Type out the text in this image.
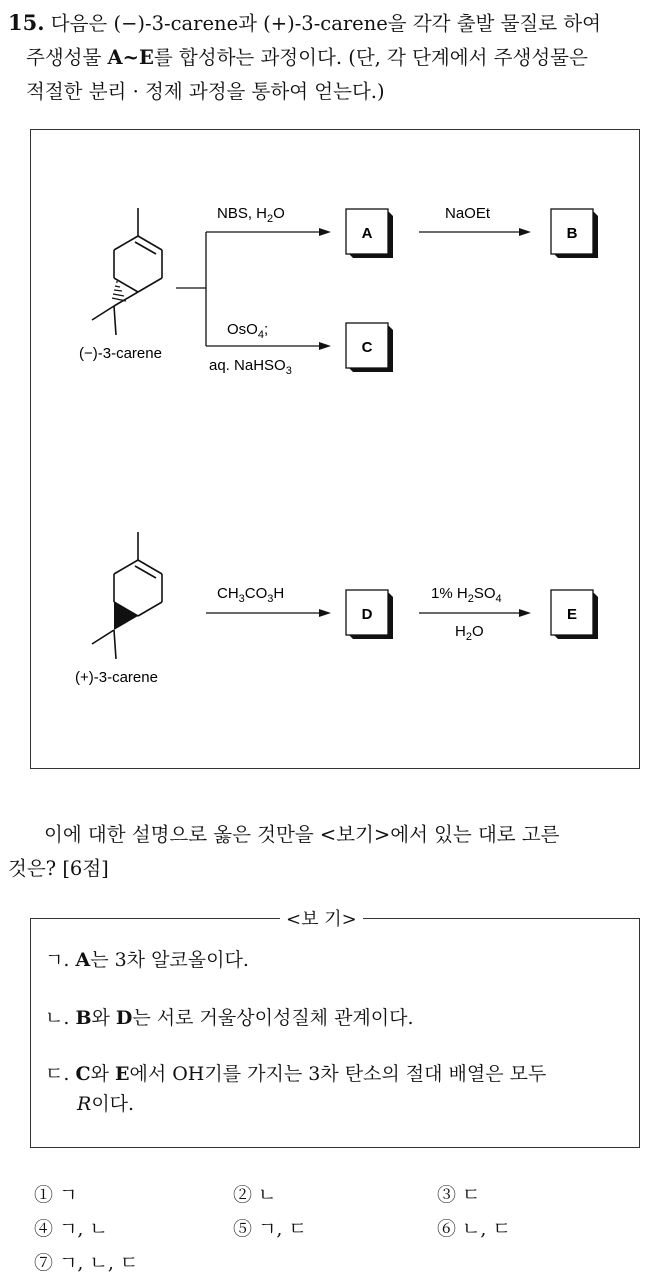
15. 다음은 (−)-3-carene과 (+)-3-carene을 각각 출발 물질로 하여
주생성물 A~E를 합성하는 과정이다. (단, 각 단계에서 주생성물은
적절한 분리 · 정제 과정을 통하여 얻는다.)
(−)-3-carene
NBS, $H_2O$	NaOEt
OsO$_4$;
aq. NaHSO$_3$
A	B
C
(+)-3-carene
$CH_3CO_3H$	1% $H_2SO_4$
$H_2O$
D	E
이에 대한 설명으로 옳은 것만을 <보기>에서 있는 대로 고른
것은? [6점]
ㄱ. A는 3차 알코올이다.
ㄴ. B와 D는 서로 거울상이성질체 관계이다.
ㄷ. C와 E에서 OH기를 가지는 3차 탄소의 절대 배열은 모두
R이다.
<보 기>
① ㄱ	② ㄴ	③ ㄷ
④ ㄱ, ㄴ	⑤ ㄱ, ㄷ	⑥ ㄴ, ㄷ
⑦ ㄱ, ㄴ, ㄷ
